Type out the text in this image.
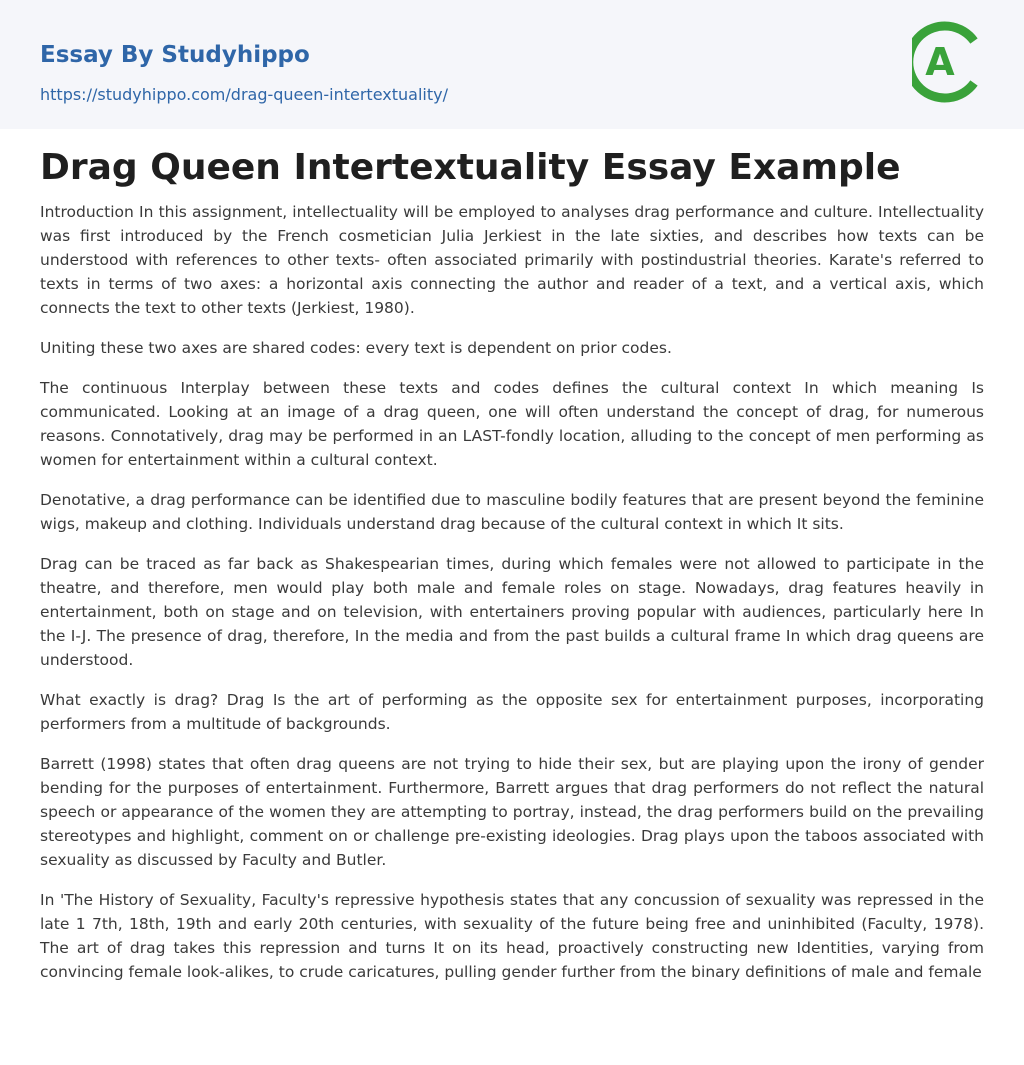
Essay By Studyhippo
https://studyhippo.com/drag-queen-intertextuality/
A
Drag Queen Intertextuality Essay Example

Introduction In this assignment, intellectuality will be employed to analyses drag performance and culture. Intellectuality was first introduced by the French cosmetician Julia Jerkiest in the late sixties, and describes how texts can be understood with references to other texts- often associated primarily with postindustrial theories. Karate's referred to texts in terms of two axes: a horizontal axis connecting the author and reader of a text, and a vertical axis, which connects the text to other texts (Jerkiest, 1980).

Uniting these two axes are shared codes: every text is dependent on prior codes.

The continuous Interplay between these texts and codes defines the cultural context In which meaning Is communicated. Looking at an image of a drag queen, one will often understand the concept of drag, for numerous reasons. Connotatively, drag may be performed in an LAST-fondly location, alluding to the concept of men performing as women for entertainment within a cultural context.

Denotative, a drag performance can be identified due to masculine bodily features that are present beyond the feminine wigs, makeup and clothing. Individuals understand drag because of the cultural context in which It sits.

Drag can be traced as far back as Shakespearian times, during which females were not allowed to participate in the theatre, and therefore, men would play both male and female roles on stage. Nowadays, drag features heavily in entertainment, both on stage and on television, with entertainers proving popular with audiences, particularly here In the I-J. The presence of drag, therefore, In the media and from the past builds a cultural frame In which drag queens are understood.

What exactly is drag? Drag Is the art of performing as the opposite sex for entertainment purposes, incorporating performers from a multitude of backgrounds.

Barrett (1998) states that often drag queens are not trying to hide their sex, but are playing upon the irony of gender bending for the purposes of entertainment. Furthermore, Barrett argues that drag performers do not reflect the natural speech or appearance of the women they are attempting to portray, instead, the drag performers build on the prevailing stereotypes and highlight, comment on or challenge pre-existing ideologies. Drag plays upon the taboos associated with sexuality as discussed by Faculty and Butler.

In 'The History of Sexuality, Faculty's repressive hypothesis states that any concussion of sexuality was repressed in the late 1 7th, 18th, 19th and early 20th centuries, with sexuality of the future being free and uninhibited (Faculty, 1978). The art of drag takes this repression and turns It on its head, proactively constructing new Identities, varying from convincing female look-alikes, to crude caricatures, pulling gender further from the binary definitions of male and female
